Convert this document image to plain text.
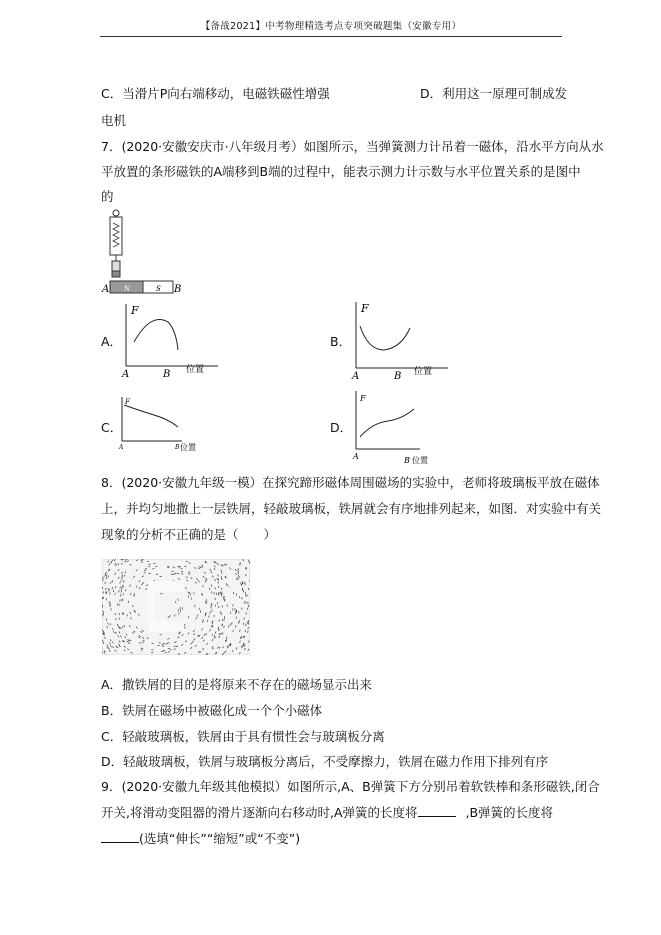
【备战2021】中考物理精选考点专项突破题集（安徽专用）
C．当滑片P向右端移动，电磁铁磁性增强	D．利用这一原理可制成发
电机
7．(2020·安徽安庆市·八年级月考）如图所示，当弹簧测力计吊着一磁体，沿水平方向从水
平放置的条形磁铁的A端移到B端的过程中，能表示测力计示数与水平位置关系的是图中
的
A N	S B
A．
F
A	B 位置
B．
F
A	B 位置
C．
F
A	B 位置
D．
F
A	B 位置
8．(2020·安徽九年级一模）在探究蹄形磁体周围磁场的实验中，老师将玻璃板平放在磁体
上，并均匀地撒上一层铁屑，轻敲玻璃板，铁屑就会有序地排列起来，如图．对实验中有关
现象的分析不正确的是（　　）
A．撒铁屑的目的是将原来不存在的磁场显示出来
B．铁屑在磁场中被磁化成一个个小磁体
C．轻敲玻璃板，铁屑由于具有惯性会与玻璃板分离
D．轻敲玻璃板，铁屑与玻璃板分离后，不受摩擦力，铁屑在磁力作用下排列有序
9．(2020·安徽九年级其他模拟）如图所示,A、B弹簧下方分别吊着软铁棒和条形磁铁,闭合
开关,将滑动变阻器的滑片逐渐向右移动时,A弹簧的长度将	,B弹簧的长度将
(选填“伸长”“缩短”或“不变”)
